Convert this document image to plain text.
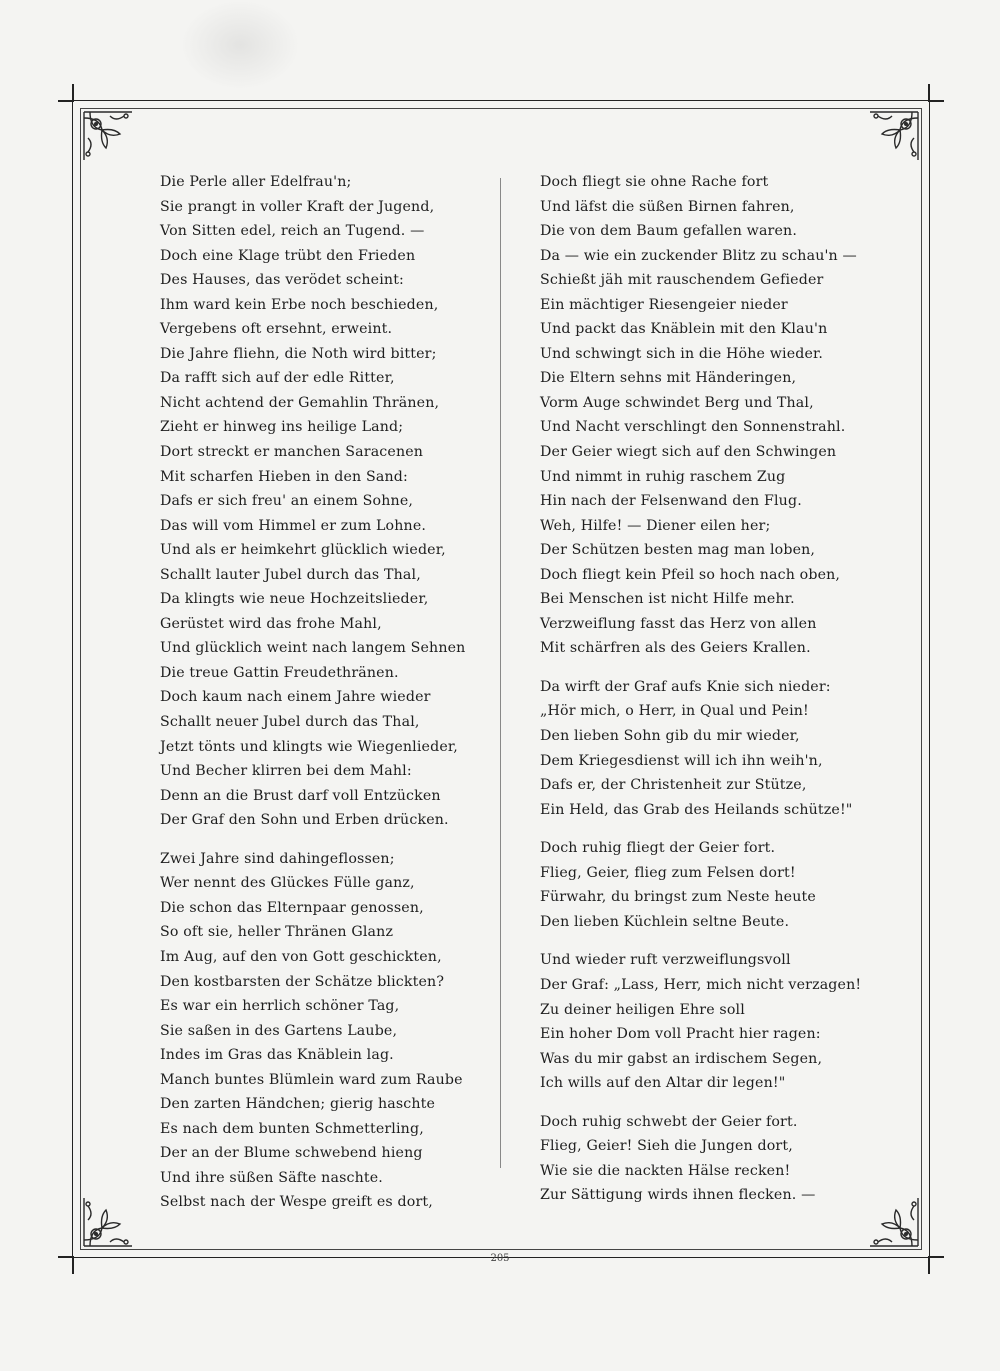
Die Perle aller Edelfrau'n;
Sie prangt in voller Kraft der Jugend,
Von Sitten edel, reich an Tugend. —
Doch eine Klage trübt den Frieden
Des Hauses, das verödet scheint:
Ihm ward kein Erbe noch beschieden,
Vergebens oft ersehnt, erweint.
Die Jahre fliehn, die Noth wird bitter;
Da rafft sich auf der edle Ritter,
Nicht achtend der Gemahlin Thränen,
Zieht er hinweg ins heilige Land;
Dort streckt er manchen Saracenen
Mit scharfen Hieben in den Sand:
Dafs er sich freu' an einem Sohne,
Das will vom Himmel er zum Lohne.
Und als er heimkehrt glücklich wieder,
Schallt lauter Jubel durch das Thal,
Da klingts wie neue Hochzeitslieder,
Gerüstet wird das frohe Mahl,
Und glücklich weint nach langem Sehnen
Die treue Gattin Freudethränen.
Doch kaum nach einem Jahre wieder
Schallt neuer Jubel durch das Thal,
Jetzt tönts und klingts wie Wiegenlieder,
Und Becher klirren bei dem Mahl:
Denn an die Brust darf voll Entzücken
Der Graf den Sohn und Erben drücken.
Zwei Jahre sind dahingeflossen;
Wer nennt des Glückes Fülle ganz,
Die schon das Elternpaar genossen,
So oft sie, heller Thränen Glanz
Im Aug, auf den von Gott geschickten,
Den kostbarsten der Schätze blickten?
Es war ein herrlich schöner Tag,
Sie saßen in des Gartens Laube,
Indes im Gras das Knäblein lag.
Manch buntes Blümlein ward zum Raube
Den zarten Händchen; gierig haschte
Es nach dem bunten Schmetterling,
Der an der Blume schwebend hieng
Und ihre süßen Säfte naschte.
Selbst nach der Wespe greift es dort,
Doch fliegt sie ohne Rache fort
Und läfst die süßen Birnen fahren,
Die von dem Baum gefallen waren.
Da — wie ein zuckender Blitz zu schau'n —
Schießt jäh mit rauschendem Gefieder
Ein mächtiger Riesengeier nieder
Und packt das Knäblein mit den Klau'n
Und schwingt sich in die Höhe wieder.
Die Eltern sehns mit Händeringen,
Vorm Auge schwindet Berg und Thal,
Und Nacht verschlingt den Sonnenstrahl.
Der Geier wiegt sich auf den Schwingen
Und nimmt in ruhig raschem Zug
Hin nach der Felsenwand den Flug.
Weh, Hilfe! — Diener eilen her;
Der Schützen besten mag man loben,
Doch fliegt kein Pfeil so hoch nach oben,
Bei Menschen ist nicht Hilfe mehr.
Verzweiflung fasst das Herz von allen
Mit schärfren als des Geiers Krallen.
Da wirft der Graf aufs Knie sich nieder:
„Hör mich, o Herr, in Qual und Pein!
Den lieben Sohn gib du mir wieder,
Dem Kriegesdienst will ich ihn weih'n,
Dafs er, der Christenheit zur Stütze,
Ein Held, das Grab des Heilands schütze!"
Doch ruhig fliegt der Geier fort.
Flieg, Geier, flieg zum Felsen dort!
Fürwahr, du bringst zum Neste heute
Den lieben Küchlein seltne Beute.
Und wieder ruft verzweiflungsvoll
Der Graf: „Lass, Herr, mich nicht verzagen!
Zu deiner heiligen Ehre soll
Ein hoher Dom voll Pracht hier ragen:
Was du mir gabst an irdischem Segen,
Ich wills auf den Altar dir legen!"
Doch ruhig schwebt der Geier fort.
Flieg, Geier! Sieh die Jungen dort,
Wie sie die nackten Hälse recken!
Zur Sättigung wirds ihnen flecken. —
205
